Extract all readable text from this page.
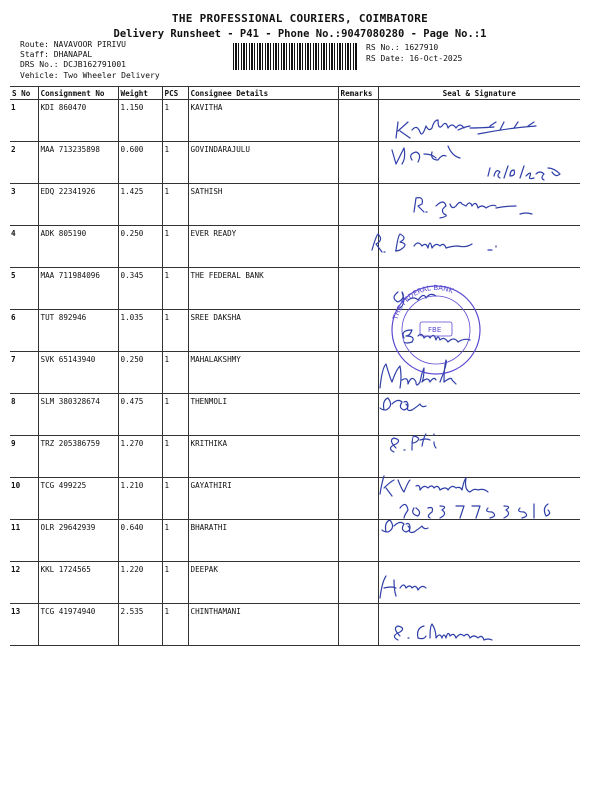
THE PROFESSIONAL COURIERS, COIMBATORE
Delivery Runsheet - P41 - Phone No.:9047080280 - Page No.:1
Route: NAVAVOOR PIRIVU
Staff: DHANAPAL
DRS No.: DCJB162791001
Vehicle: Two Wheeler Delivery
RS No.: 1627910
RS Date: 16-Oct-2025
S No	Consignment No	Weight	PCS	Consignee Details	Remarks	Seal & Signature
1	KDI 860470	1.150	1	KAVITHA		
2	MAA 713235898	0.600	1	GOVINDARAJULU		
3	EDQ 22341926	1.425	1	SATHISH		
4	ADK 805190	0.250	1	EVER READY		
5	MAA 711984096	0.345	1	THE FEDERAL BANK		
6	TUT 892946	1.035	1	SREE DAKSHA		
7	SVK 65143940	0.250	1	MAHALAKSHMY		
8	SLM 380328674	0.475	1	THENMOLI		
9	TRZ 205386759	1.270	1	KRITHIKA		
10	TCG 499225	1.210	1	GAYATHIRI		
11	OLR 29642939	0.640	1	BHARATHI		
12	KKL 1724565	1.220	1	DEEPAK		
13	TCG 41974940	2.535	1	CHINTHAMANI		
THE FEDERAL BANK
FBE
